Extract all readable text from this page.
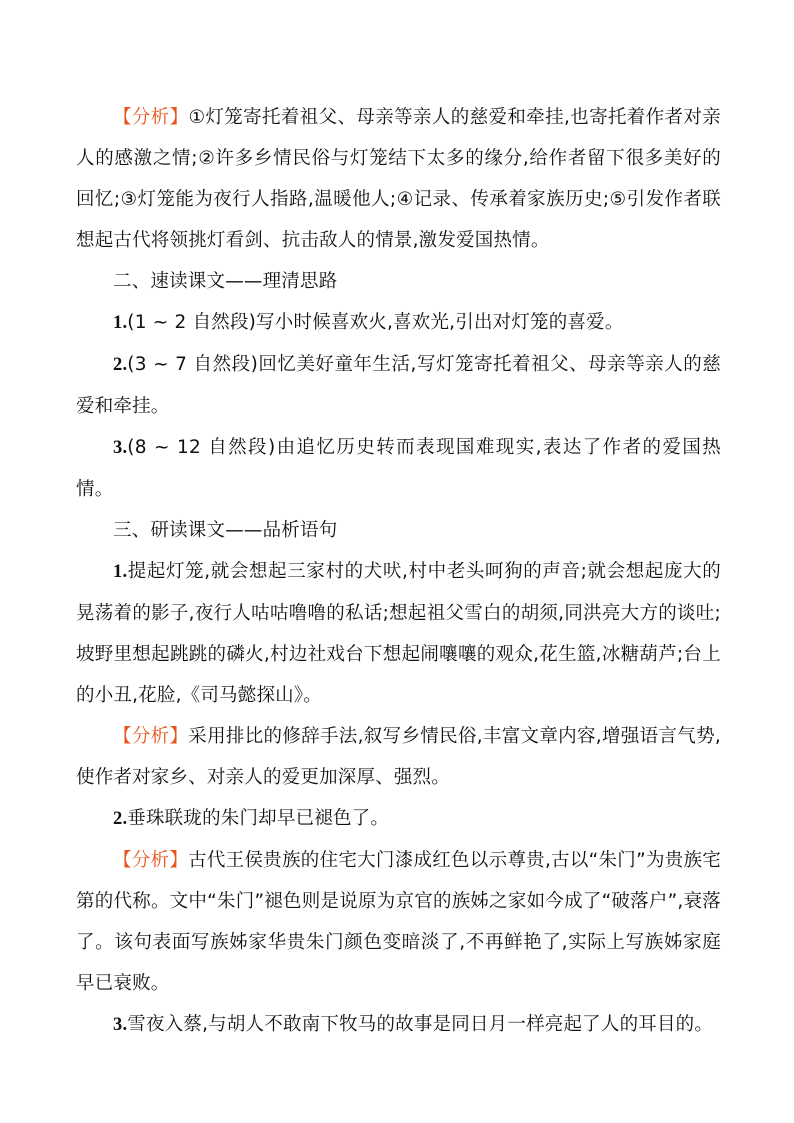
【分析】①灯笼寄托着祖父、母亲等亲人的慈爱和牵挂,也寄托着作者对亲人的感激之情;②许多乡情民俗与灯笼结下太多的缘分,给作者留下很多美好的回忆;③灯笼能为夜行人指路,温暖他人;④记录、传承着家族历史;⑤引发作者联想起古代将领挑灯看剑、抗击敌人的情景,激发爱国热情。

二、速读课文——理清思路

1.(1 ~ 2 自然段)写小时候喜欢火,喜欢光,引出对灯笼的喜爱。

2.(3 ~ 7 自然段)回忆美好童年生活,写灯笼寄托着祖父、母亲等亲人的慈爱和牵挂。

3.(8 ~ 12 自然段)由追忆历史转而表现国难现实,表达了作者的爱国热情。

三、研读课文——品析语句

1.提起灯笼,就会想起三家村的犬吠,村中老头呵狗的声音;就会想起庞大的晃荡着的影子,夜行人咕咕噜噜的私话;想起祖父雪白的胡须,同洪亮大方的谈吐;坡野里想起跳跳的磷火,村边社戏台下想起闹嚷嚷的观众,花生篮,冰糖葫芦;台上的小丑,花脸,《司马懿探山》。

【分析】采用排比的修辞手法,叙写乡情民俗,丰富文章内容,增强语言气势,使作者对家乡、对亲人的爱更加深厚、强烈。

2.垂珠联珑的朱门却早已褪色了。

【分析】古代王侯贵族的住宅大门漆成红色以示尊贵,古以“朱门”为贵族宅第的代称。文中“朱门”褪色则是说原为京官的族姊之家如今成了“破落户”,衰落了。该句表面写族姊家华贵朱门颜色变暗淡了,不再鲜艳了,实际上写族姊家庭早已衰败。

3.雪夜入蔡,与胡人不敢南下牧马的故事是同日月一样亮起了人的耳目的。
